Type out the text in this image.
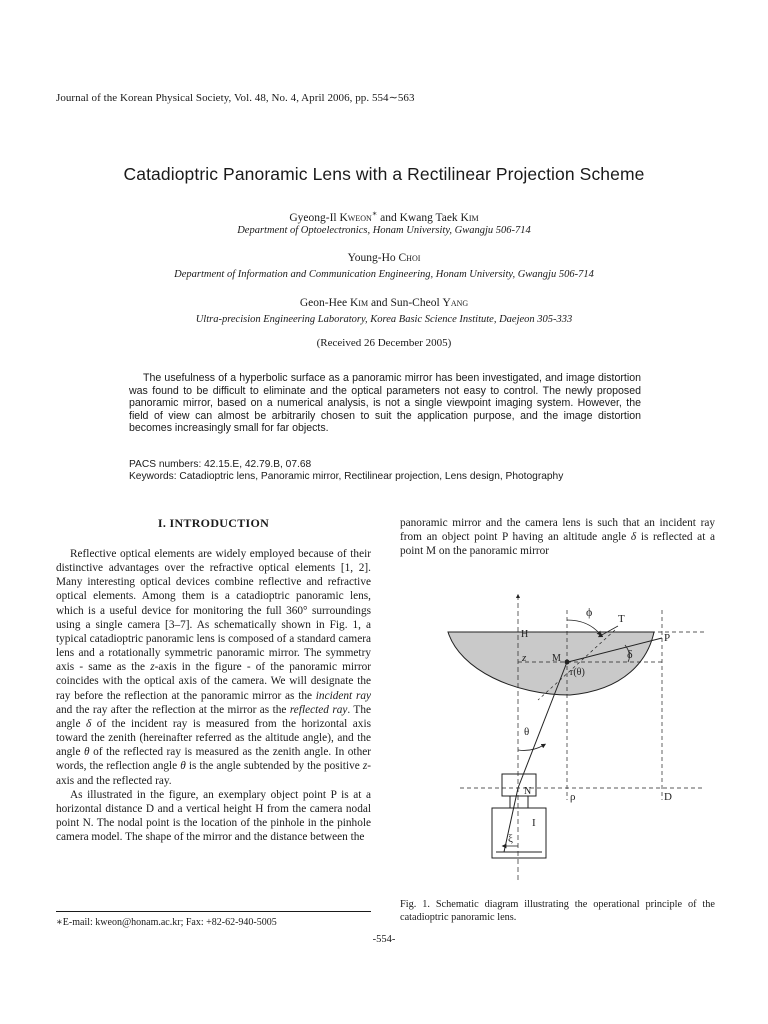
Journal of the Korean Physical Society, Vol. 48, No. 4, April 2006, pp. 554∼563
Catadioptric Panoramic Lens with a Rectilinear Projection Scheme
Gyeong-Il Kweon∗ and Kwang Taek Kim
Department of Optoelectronics, Honam University, Gwangju 506-714
Young-Ho Choi
Department of Information and Communication Engineering, Honam University, Gwangju 506-714
Geon-Hee Kim and Sun-Cheol Yang
Ultra-precision Engineering Laboratory, Korea Basic Science Institute, Daejeon 305-333
(Received 26 December 2005)
The usefulness of a hyperbolic surface as a panoramic mirror has been investigated, and image distortion was found to be difficult to eliminate and the optical parameters not easy to control. The newly proposed panoramic mirror, based on a numerical analysis, is not a single viewpoint imaging system. However, the field of view can almost be arbitrarily chosen to suit the application purpose, and the image distortion becomes increasingly small for far objects.
PACS numbers: 42.15.E, 42.79.B, 07.68
Keywords: Catadioptric lens, Panoramic mirror, Rectilinear projection, Lens design, Photography
I. INTRODUCTION

Reflective optical elements are widely employed because of their distinctive advantages over the refractive optical elements [1, 2]. Many interesting optical devices combine reflective and refractive optical elements. Among them is a catadioptric panoramic lens, which is a useful device for monitoring the full 360° surroundings using a single camera [3–7]. As schematically shown in Fig. 1, a typical catadioptric panoramic lens is composed of a standard camera lens and a rotationally symmetric panoramic mirror. The symmetry axis - same as the z-axis in the figure - of the panoramic mirror coincides with the optical axis of the camera. We will designate the ray before the reflection at the panoramic mirror as the incident ray and the ray after the reflection at the mirror as the reflected ray. The angle δ of the incident ray is measured from the horizontal axis toward the zenith (hereinafter referred as the altitude angle), and the angle θ of the reflected ray is measured as the zenith angle. In other words, the reflection angle θ is the angle subtended by the positive z-axis and the reflected ray.

As illustrated in the figure, an exemplary object point P is at a horizontal distance D and a vertical height H from the camera nodal point N. The nodal point is the location of the pinhole in the pinhole camera model. The shape of the mirror and the distance between the

panoramic mirror and the camera lens is such that an incident ray from an object point P having an altitude angle δ is reflected at a point M on the panoramic mirror
ϕ T
H	P
z	M	δ
r(θ)
θ
N	ρ	D
I
ξ
Fig. 1. Schematic diagram illustrating the operational principle of the catadioptric panoramic lens.
∗E-mail: kweon@honam.ac.kr; Fax: +82-62-940-5005
-554-
